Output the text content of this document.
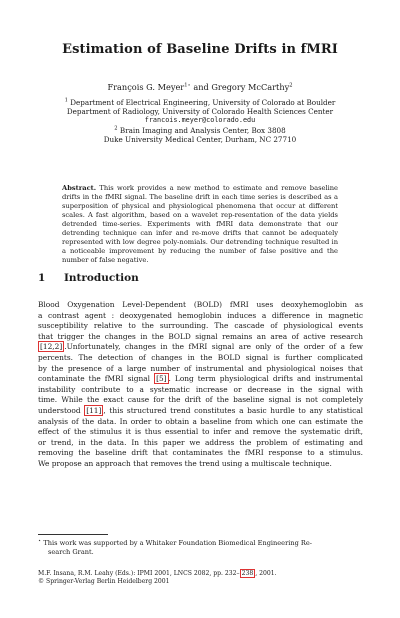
Estimation of Baseline Drifts in fMRI
François G. Meyer$^{1⋆}$ and Gregory McCarthy$^2$
$^1$ Department of Electrical Engineering, University of Colorado at Boulder
Department of Radiology, University of Colorado Health Sciences Center
francois.meyer@colorado.edu
$^2$ Brain Imaging and Analysis Center, Box 3808
Duke University Medical Center, Durham, NC 27710
Abstract. This work provides a new method to estimate and remove baseline drifts in the fMRI signal. The baseline drift in each time series is described as a superposition of physical and physiological phenomena that occur at different scales. A fast algorithm, based on a wavelet rep-resentation of the data yields detrended time-series. Experiments with fMRI data demonstrate that our detrending technique can infer and re-move drifts that cannot be adequately represented with low degree poly-nomials. Our detrending technique resulted in a noticeable improvement by reducing the number of false positive and the number of false negative.
1 Introduction
Blood Oxygenation Level-Dependent (BOLD) fMRI uses deoxyhemoglobin as
a contrast agent : deoxygenated hemoglobin induces a difference in magnetic
susceptibility relative to the surrounding. The cascade of physiological events
that trigger the changes in the BOLD signal remains an area of active research
[12,2] .Unfortunately, changes in the fMRI signal are only of the order of a few
percents. The detection of changes in the BOLD signal is further complicated
by the presence of a large number of instrumental and physiological noises that
contaminate the fMRI signal [5] . Long term physiological drifts and instrumental
instability contribute to a systematic increase or decrease in the signal with
time. While the exact cause for the drift of the baseline signal is not completely
understood [11] , this structured trend constitutes a basic hurdle to any statistical
analysis of the data. In order to obtain a baseline from which one can estimate the
effect of the stimulus it is thus essential to infer and remove the systematic drift,
or trend, in the data. In this paper we address the problem of estimating and
removing the baseline drift that contaminates the fMRI response to a stimulus.
We propose an approach that removes the trend using a multiscale technique.
⋆ This work was supported by a Whitaker Foundation Biomedical Engineering Re-
search Grant.
M.F. Insana, R.M. Leahy (Eds.): IPMI 2001, LNCS 2082, pp. 232– 238 , 2001.
© Springer-Verlag Berlin Heidelberg 2001
